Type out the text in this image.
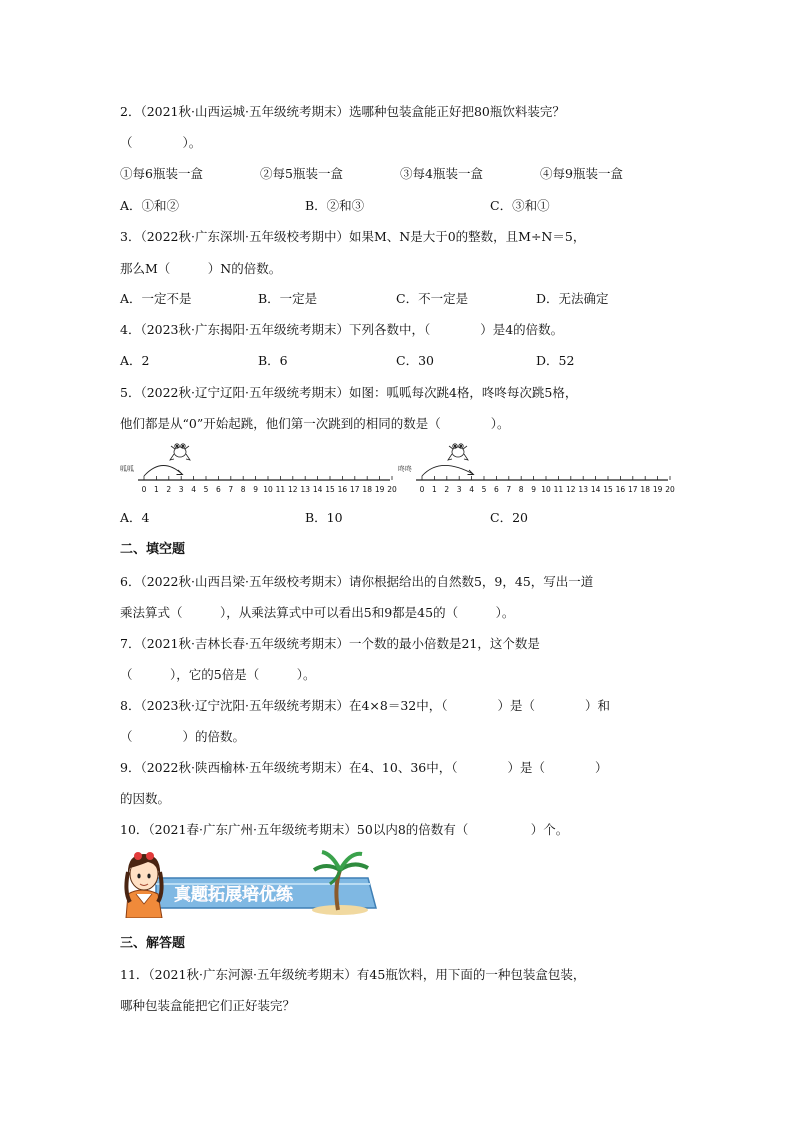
2．（2021秋·山西运城·五年级统考期末）选哪种包装盒能正好把80瓶饮料装完？
（　　　　）。
①每6瓶装一盒	②每5瓶装一盒	③每4瓶装一盒	④每9瓶装一盒
A．①和②	B．②和③	C．③和①
3．（2022秋·广东深圳·五年级校考期中）如果M、N是大于0的整数，且M÷N＝5，
那么M（　　　）N的倍数。
A．一定不是	B．一定是	C．不一定是	D．无法确定
4．（2023秋·广东揭阳·五年级统考期末）下列各数中，（　　　　）是4的倍数。
A．2	B．6	C．30	D．52
5．（2022秋·辽宁辽阳·五年级统考期末）如图：呱呱每次跳4格，咚咚每次跳5格，
他们都是从“0”开始起跳，他们第一次跳到的相同的数是（　　　　）。
呱呱
0 1 2 3 4 5 6 7 8 9 10 11 12 13 14 15 16 17 18 19 20
咚咚
0 1 2 3 4 5 6 7 8 9 10 11 12 13 14 15 16 17 18 19 20
A．4	B．10	C．20
二、填空题
6．（2022秋·山西吕梁·五年级校考期末）请你根据给出的自然数5，9，45，写出一道
乘法算式（　　　），从乘法算式中可以看出5和9都是45的（　　　）。
7．（2021秋·吉林长春·五年级统考期末）一个数的最小倍数是21，这个数是
（　　　），它的5倍是（　　　）。
8．（2023秋·辽宁沈阳·五年级统考期末）在4×8＝32中，（　　　　）是（　　　　）和
（　　　　）的倍数。
9．（2022秋·陕西榆林·五年级统考期末）在4、10、36中，（　　　　）是（　　　　）
的因数。
10．（2021春·广东广州·五年级统考期末）50以内8的倍数有（　　　　　）个。
真题拓展培优练
三、解答题
11．（2021秋·广东河源·五年级统考期末）有45瓶饮料，用下面的一种包装盒包装，
哪种包装盒能把它们正好装完？
